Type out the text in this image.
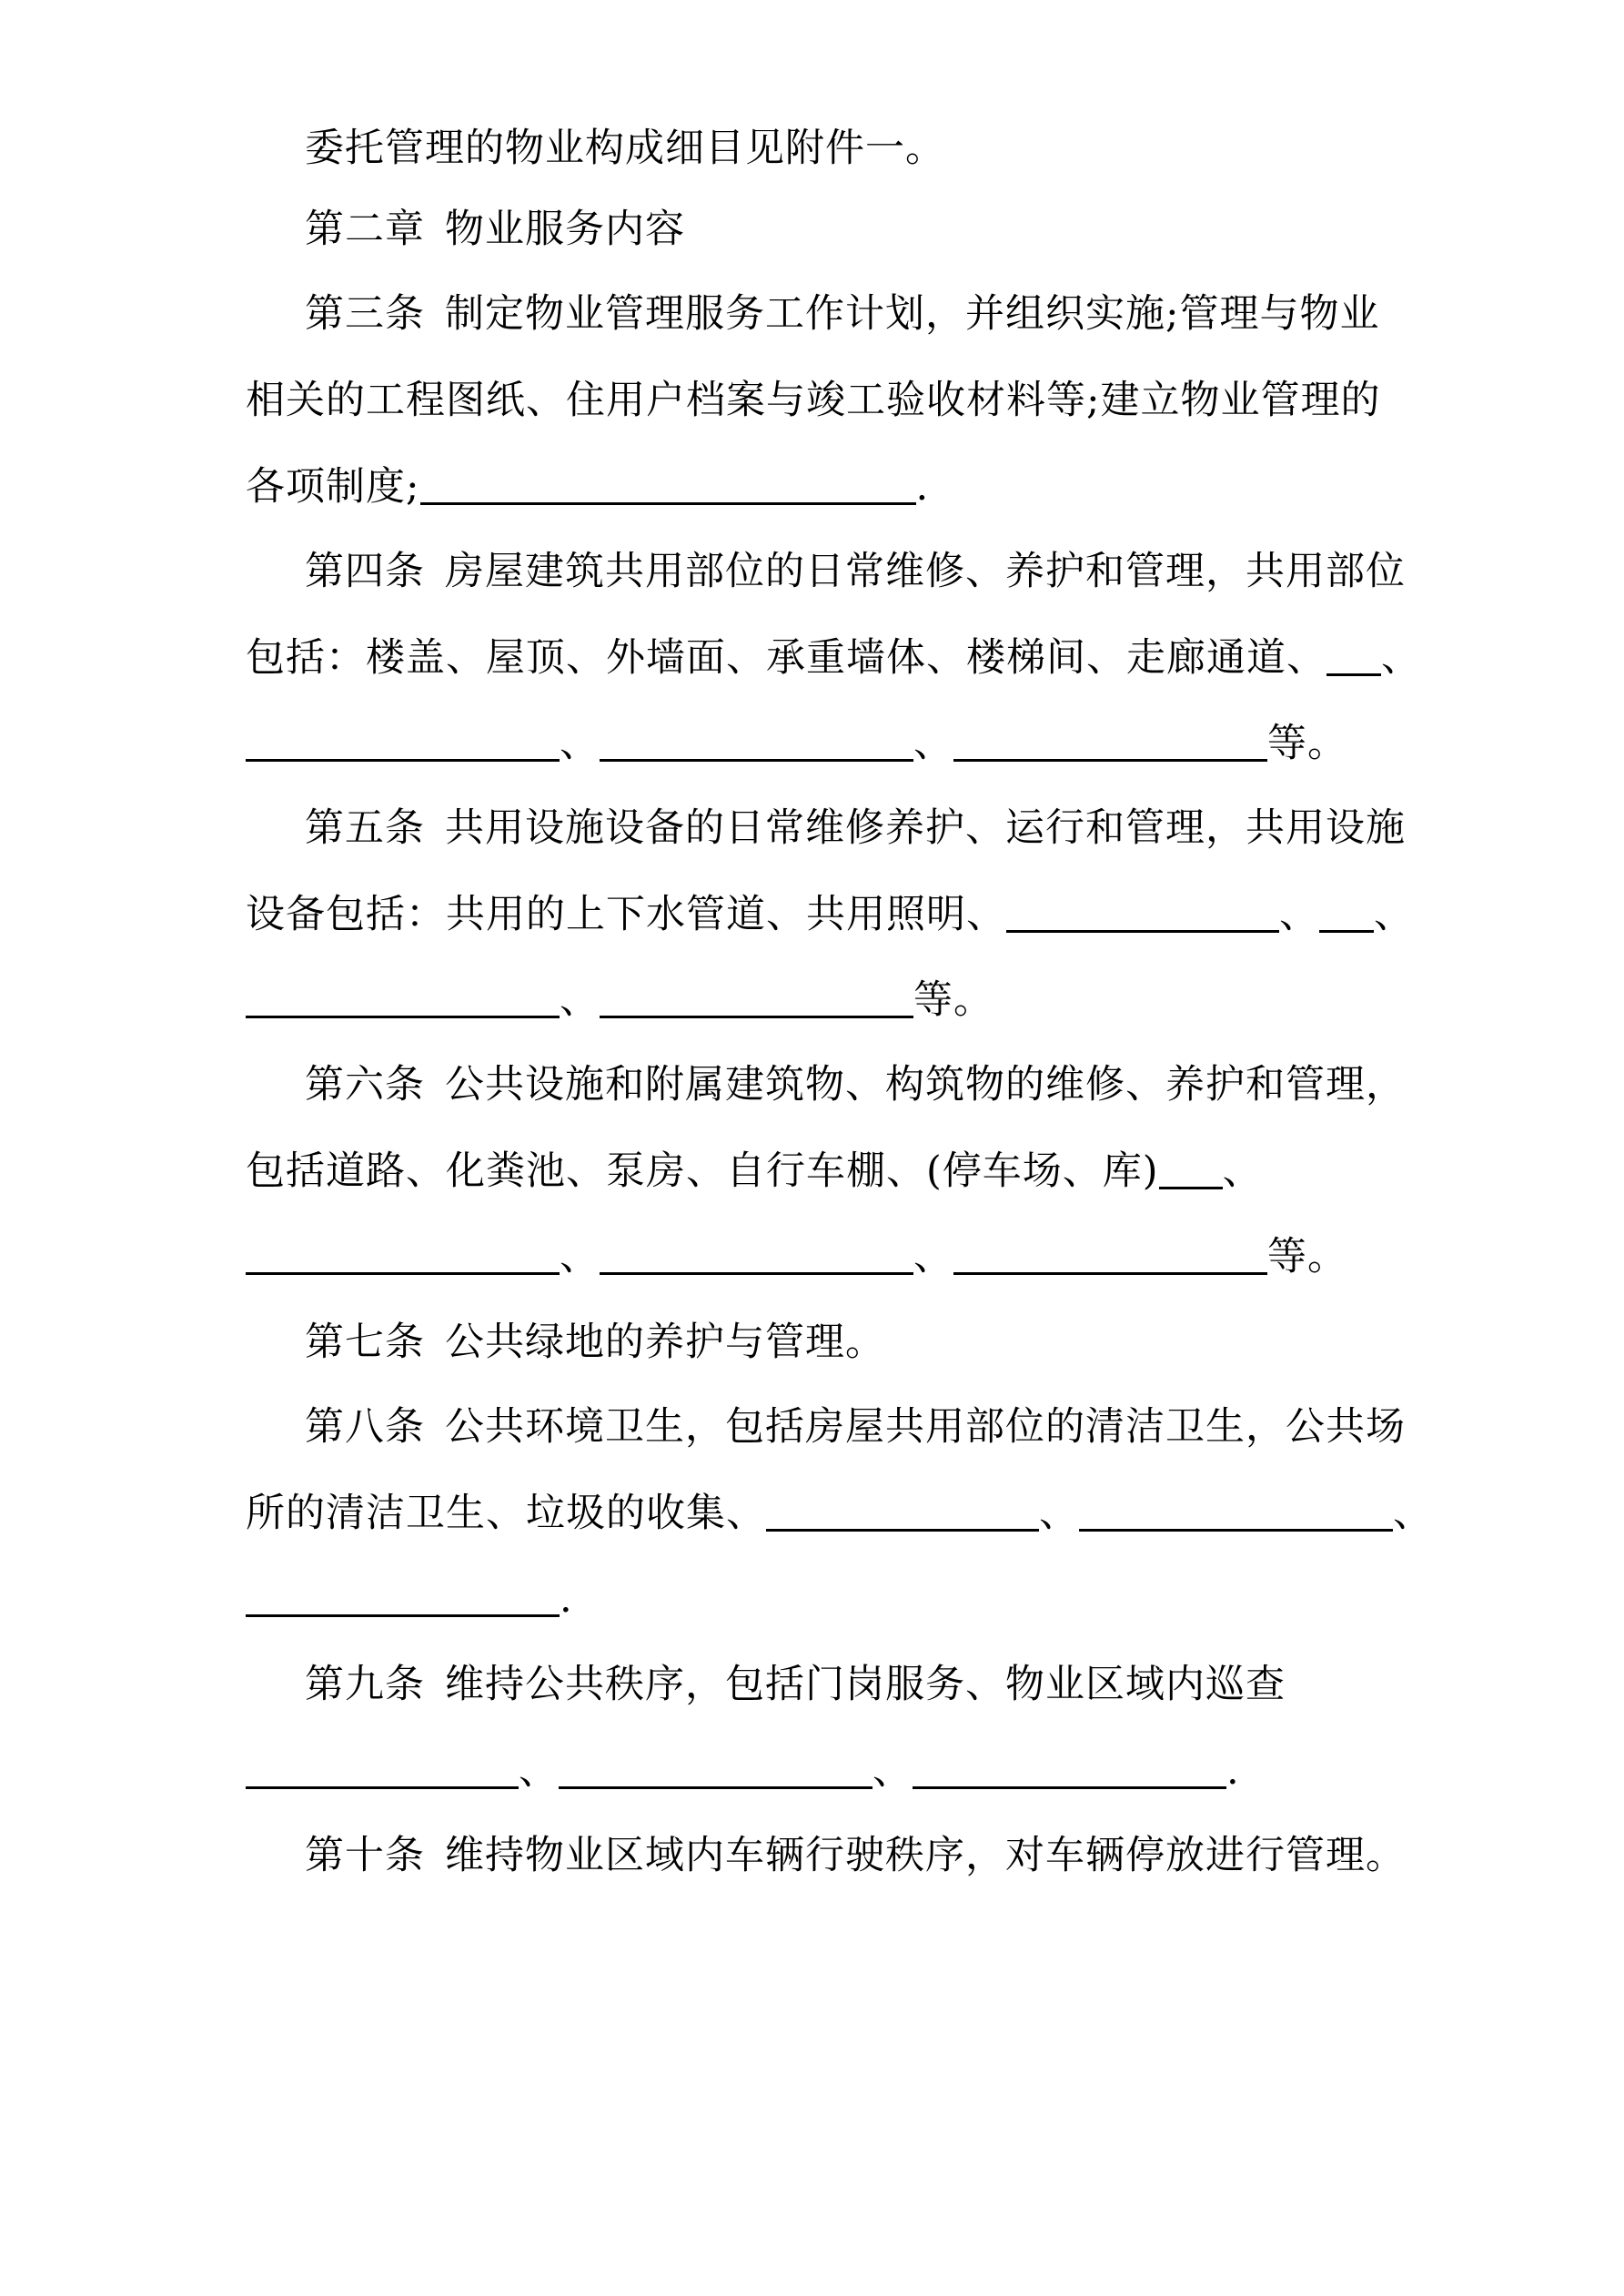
委托管理的物业构成细目见附件一。
第二章 物业服务内容
第三条 制定物业管理服务工作计划，并组织实施;管理与物业
相关的工程图纸、住用户档案与竣工验收材料等;建立物业管理的
各项制度;	.
第四条 房屋建筑共用部位的日常维修、养护和管理，共用部位
包括：楼盖、屋顶、外墙面、承重墙体、楼梯间、走廊通道、 、
、	、	等。
第五条 共用设施设备的日常维修养护、运行和管理，共用设施
设备包括：共用的上下水管道、共用照明、	、 、
、	等。
第六条 公共设施和附属建筑物、构筑物的维修、养护和管理，
包括道路、化粪池、泵房、自行车棚、(停车场、库) 、
、	、	等。
第七条 公共绿地的养护与管理。
第八条 公共环境卫生，包括房屋共用部位的清洁卫生，公共场
所的清洁卫生、垃圾的收集、	、	、
.
第九条 维持公共秩序，包括门岗服务、物业区域内巡查
、	、	.
第十条 维持物业区域内车辆行驶秩序，对车辆停放进行管理。
